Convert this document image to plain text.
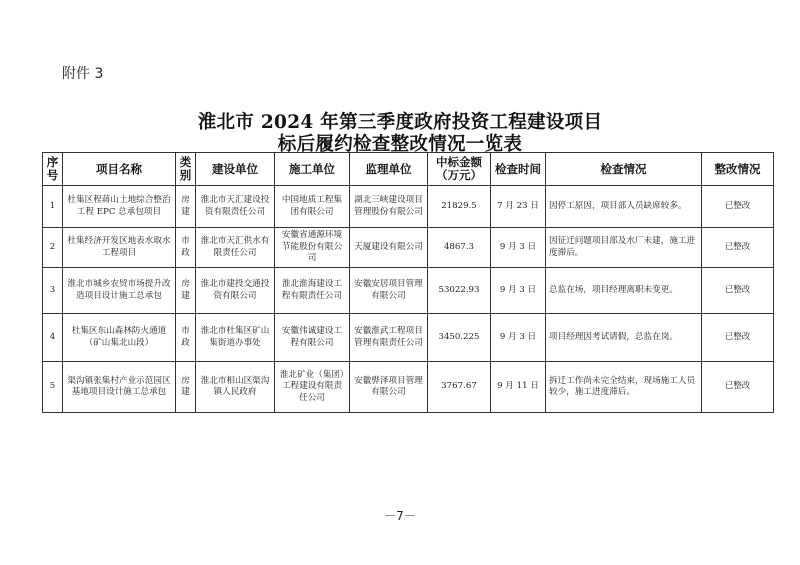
附件 3
淮北市 2024 年第三季度政府投资工程建设项目
标后履约检查整改情况一览表
序号	项目名称	类别	建设单位	施工单位	监理单位	中标金额（万元）	检查时间	检查情况	整改情况
1	杜集区程蒋山土地综合整治工程 EPC 总承包项目	房建	淮北市天汇建设投资有限责任公司	中国地质工程集团有限公司	湖北三峡建设项目管理股份有限公司	21829.5	7 月 23 日	因停工原因，项目部人员缺席较多。	已整改
2	杜集经济开发区地表水取水工程项目	市政	淮北市天汇供水有限责任公司	安徽省通源环境节能股份有限公司	天厦建设有限公司	4867.3	9 月 3 日	因征迁问题项目部及水厂未建，施工进度滞后。	已整改
3	淮北市城乡农贸市场提升改造项目设计施工总承包	房建	淮北市建投交通投资有限公司	淮北淮海建设工程有限责任公司	安徽安居项目管理有限公司	53022.93	9 月 3 日	总监在场，项目经理离职未变更。	已整改
4	杜集区东山森林防火通道（矿山集北山段）	市政	淮北市杜集区矿山集街道办事处	安徽伟诚建设工程有限公司	安徽淮武工程项目管理有限责任公司	3450.225	9 月 3 日	项目经理因考试请假，总监在岗。	已整改
5	渠沟镇张集村产业示范园区基地项目设计施工总承包	房建	淮北市相山区渠沟镇人民政府	淮北矿业（集团）工程建设有限责任公司	安徽骅泽项目管理有限公司	3767.67	9 月 11 日	拆迁工作尚未完全结束，现场施工人员较少，施工进度滞后。	已整改
－7－
